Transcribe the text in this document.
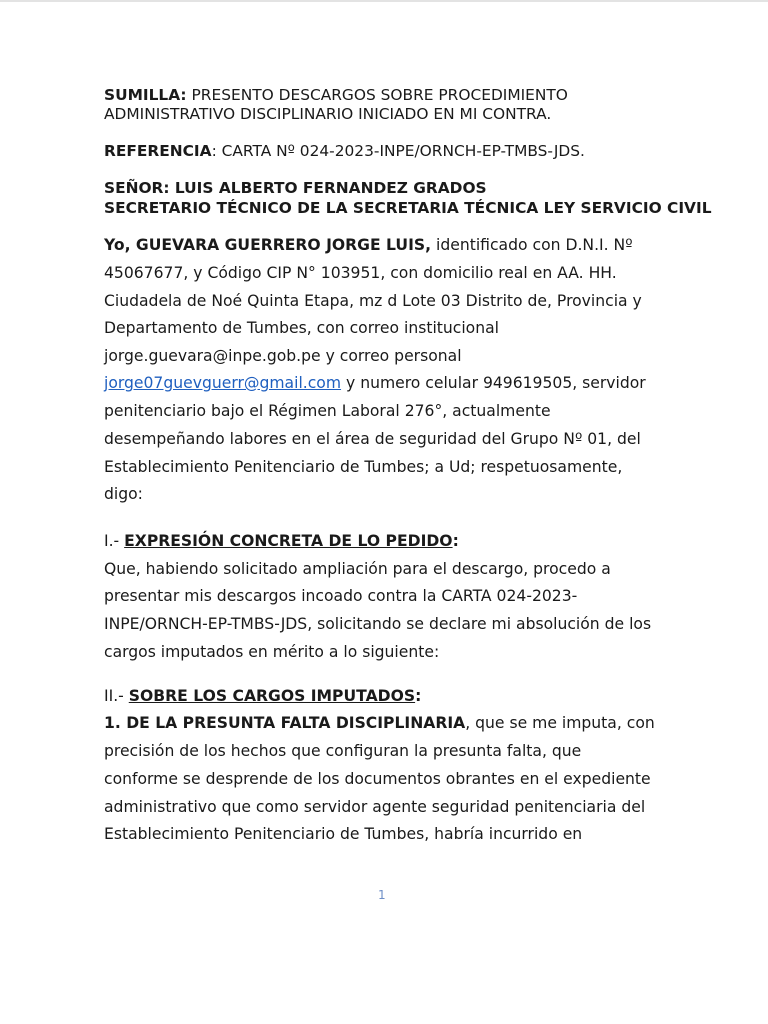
SUMILLA: PRESENTO DESCARGOS SOBRE PROCEDIMIENTO
ADMINISTRATIVO DISCIPLINARIO INICIADO EN MI CONTRA.
REFERENCIA: CARTA Nº 024-2023-INPE/ORNCH-EP-TMBS-JDS.
SEÑOR: LUIS ALBERTO FERNANDEZ GRADOS
SECRETARIO TÉCNICO DE LA SECRETARIA TÉCNICA LEY SERVICIO CIVIL
Yo, GUEVARA GUERRERO JORGE LUIS, identificado con D.N.I. Nº
45067677, y Código CIP N° 103951, con domicilio real en AA. HH.
Ciudadela de Noé Quinta Etapa, mz d Lote 03 Distrito de, Provincia y
Departamento de Tumbes, con correo institucional
jorge.guevara@inpe.gob.pe y correo personal
jorge07guevguerr@gmail.com y numero celular 949619505, servidor
penitenciario bajo el Régimen Laboral 276°, actualmente
desempeñando labores en el área de seguridad del Grupo Nº 01, del
Establecimiento Penitenciario de Tumbes; a Ud; respetuosamente,
digo:
I.- EXPRESIÓN CONCRETA DE LO PEDIDO:
Que, habiendo solicitado ampliación para el descargo, procedo a
presentar mis descargos incoado contra la CARTA 024-2023-
INPE/ORNCH-EP-TMBS-JDS, solicitando se declare mi absolución de los
cargos imputados en mérito a lo siguiente:
II.- SOBRE LOS CARGOS IMPUTADOS:
1. DE LA PRESUNTA FALTA DISCIPLINARIA, que se me imputa, con
precisión de los hechos que configuran la presunta falta, que
conforme se desprende de los documentos obrantes en el expediente
administrativo que como servidor agente seguridad penitenciaria del
Establecimiento Penitenciario de Tumbes, habría incurrido en
1
